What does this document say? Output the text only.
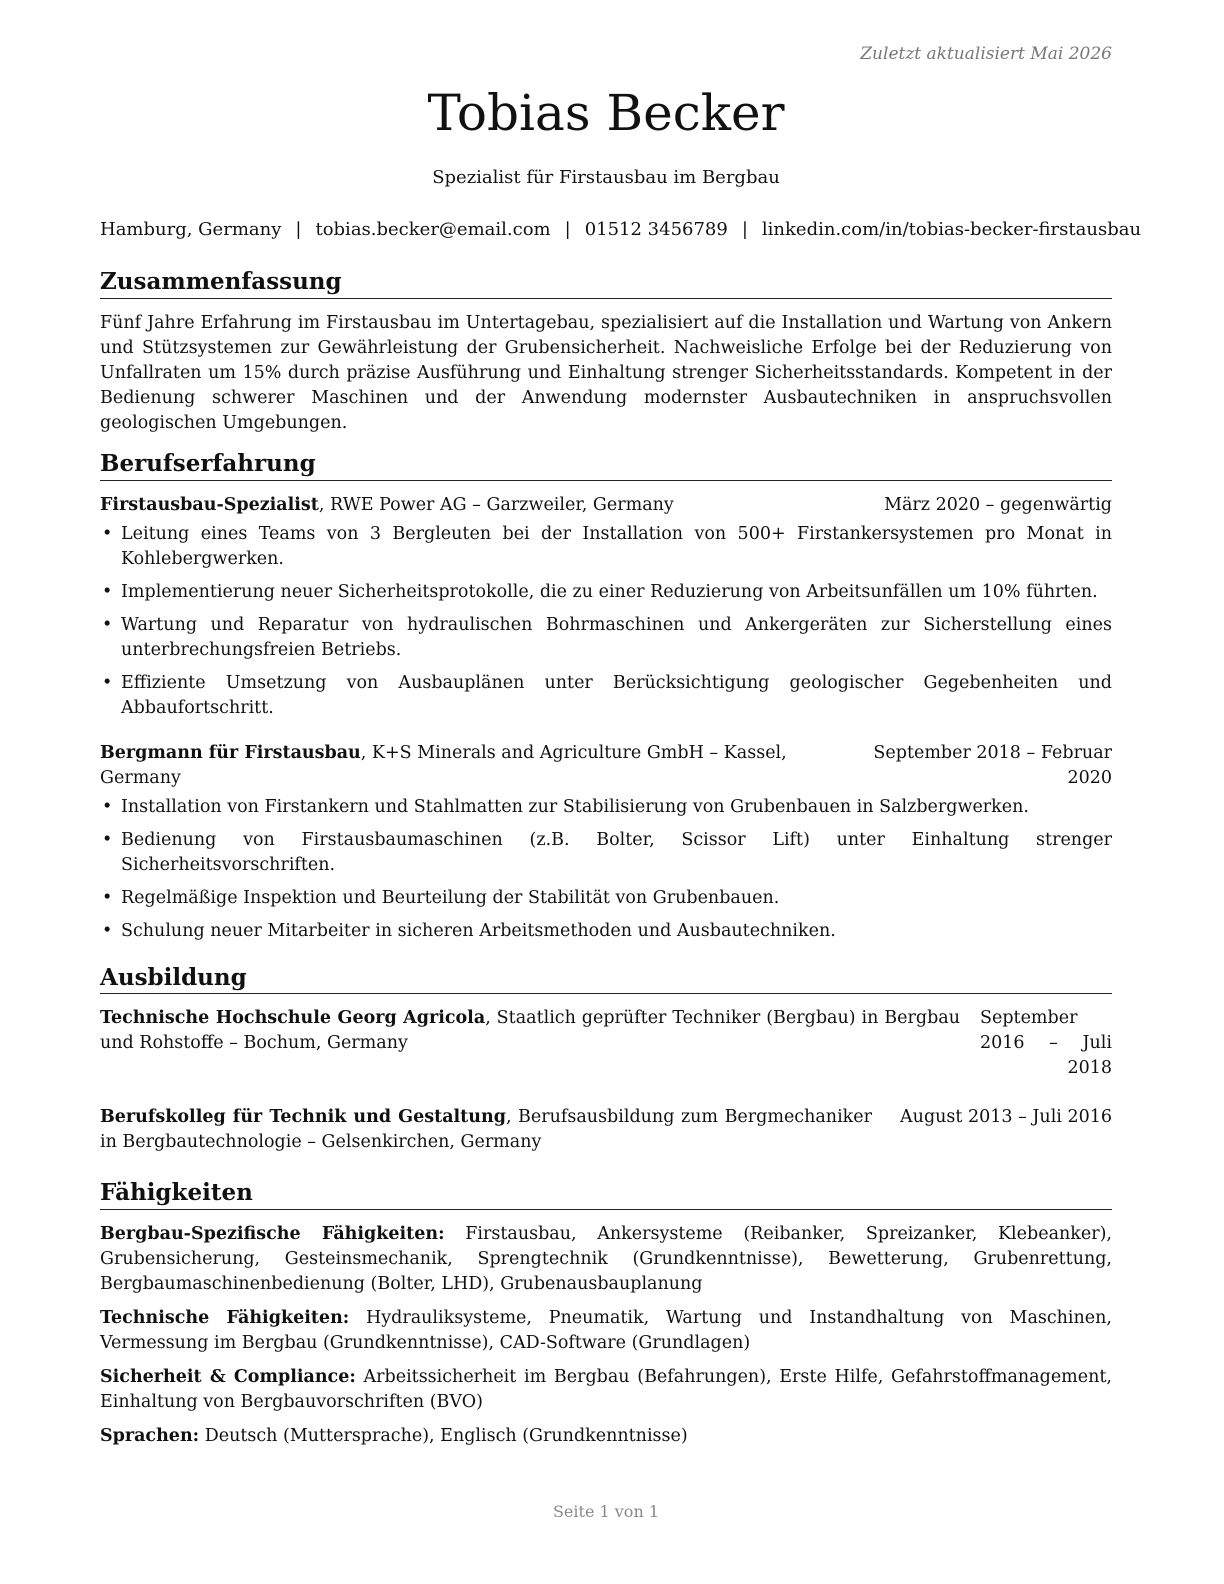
Zuletzt aktualisiert Mai 2026
Tobias Becker
Spezialist für Firstausbau im Bergbau
Hamburg, Germany | tobias.becker@email.com | 01512 3456789 | linkedin.com/in/tobias-becker-firstausbau
Zusammenfassung

Fünf Jahre Erfahrung im Firstausbau im Untertagebau, spezialisiert auf die Installation und Wartung von Ankern und Stützsystemen zur Gewährleistung der Grubensicherheit. Nachweisliche Erfolge bei der Reduzierung von Unfallraten um 15% durch präzise Ausführung und Einhaltung strenger Sicherheitsstandards. Kompetent in der Bedienung schwerer Maschinen und der Anwendung modernster Ausbautechniken in anspruchsvollen geologischen Umgebungen.

Berufserfahrung
Firstausbau-Spezialist, RWE Power AG – Garzweiler, Germany	März 2020 – gegenwärtig
• Leitung eines Teams von 3 Bergleuten bei der Installation von 500+ Firstankersystemen pro Monat in Kohlebergwerken.
• Implementierung neuer Sicherheitsprotokolle, die zu einer Reduzierung von Arbeitsunfällen um 10% führten.
• Wartung und Reparatur von hydraulischen Bohrmaschinen und Ankergeräten zur Sicherstellung eines unterbrechungsfreien Betriebs.
• Effiziente Umsetzung von Ausbauplänen unter Berücksichtigung geologischer Gegebenheiten und Abbaufortschritt.
Bergmann für Firstausbau, K+S Minerals and Agriculture GmbH – Kassel, Germany
September 2018 – Februar 2020
• Installation von Firstankern und Stahlmatten zur Stabilisierung von Grubenbauen in Salzbergwerken.
• Bedienung von Firstausbaumaschinen (z.B. Bolter, Scissor Lift) unter Einhaltung strenger Sicherheitsvorschriften.
• Regelmäßige Inspektion und Beurteilung der Stabilität von Grubenbauen.
• Schulung neuer Mitarbeiter in sicheren Arbeitsmethoden und Ausbautechniken.
Ausbildung
Technische Hochschule Georg Agricola, Staatlich geprüfter Techniker (Bergbau) in Bergbau und Rohstoffe – Bochum, Germany
September 2016 – Juli 2018
Berufskolleg für Technik und Gestaltung, Berufsausbildung zum Bergmechaniker in Bergbautechnologie – Gelsenkirchen, Germany
August 2013 – Juli 2016
Fähigkeiten

Bergbau-Spezifische Fähigkeiten: Firstausbau, Ankersysteme (Reibanker, Spreizanker, Klebeanker), Grubensicherung, Gesteinsmechanik, Sprengtechnik (Grundkenntnisse), Bewetterung, Grubenrettung, Bergbaumaschinenbedienung (Bolter, LHD), Grubenausbauplanung

Technische Fähigkeiten: Hydrauliksysteme, Pneumatik, Wartung und Instandhaltung von Maschinen, Vermessung im Bergbau (Grundkenntnisse), CAD-Software (Grundlagen)

Sicherheit & Compliance: Arbeitssicherheit im Bergbau (Befahrungen), Erste Hilfe, Gefahrstoffmanagement, Einhaltung von Bergbauvorschriften (BVO)

Sprachen: Deutsch (Muttersprache), Englisch (Grundkenntnisse)

Seite 1 von 1
